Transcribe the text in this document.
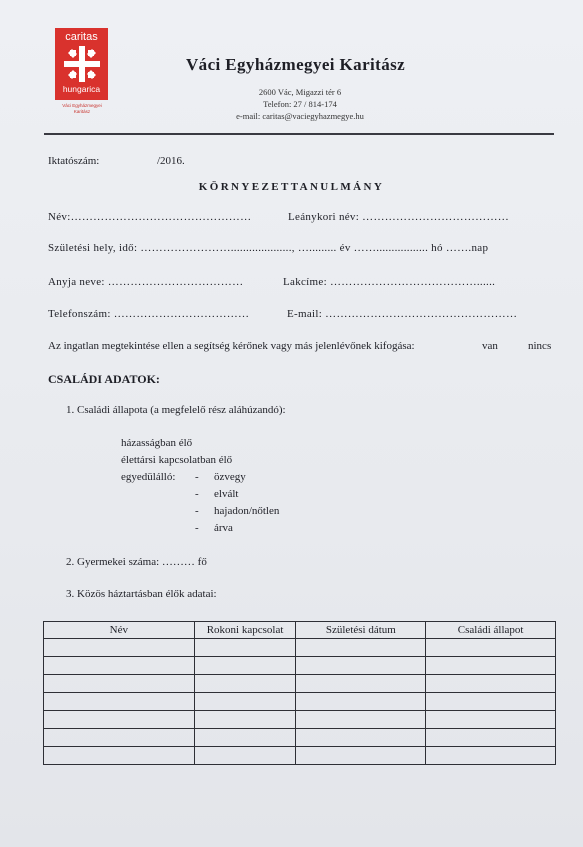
caritas
hungarica
Váci Egyházmegyei
Karitász
Váci Egyházmegyei Karitász
2600 Vác, Migazzi tér 6
Telefon: 27 / 814-174
e-mail: caritas@vaciegyhazmegye.hu
Iktatószám:	/2016.
KÖRNYEZETTANULMÁNY
Név:…………………………………………	Leánykori név: …………………………………
Születési hely, idő: ……………………...................., …......... év ……................. hó …….nap
Anyja neve: ………………………………	Lakcíme: …………………………………......
Telefonszám: ………………………………	E-mail: ……………………………………………
Az ingatlan megtekintése ellen a segítség kérőnek vagy más jelenlévőnek kifogása:	van	nincs
CSALÁDI ADATOK:
1. Családi állapota (a megfelelő rész aláhúzandó):
házasságban élő
élettársi kapcsolatban élő
egyedülálló: - özvegy
- elvált
- hajadon/nőtlen
- árva
2. Gyermekei száma: ……… fő
3. Közös háztartásban élők adatai:
Név	Rokoni kapcsolat	Születési dátum	Családi állapot
